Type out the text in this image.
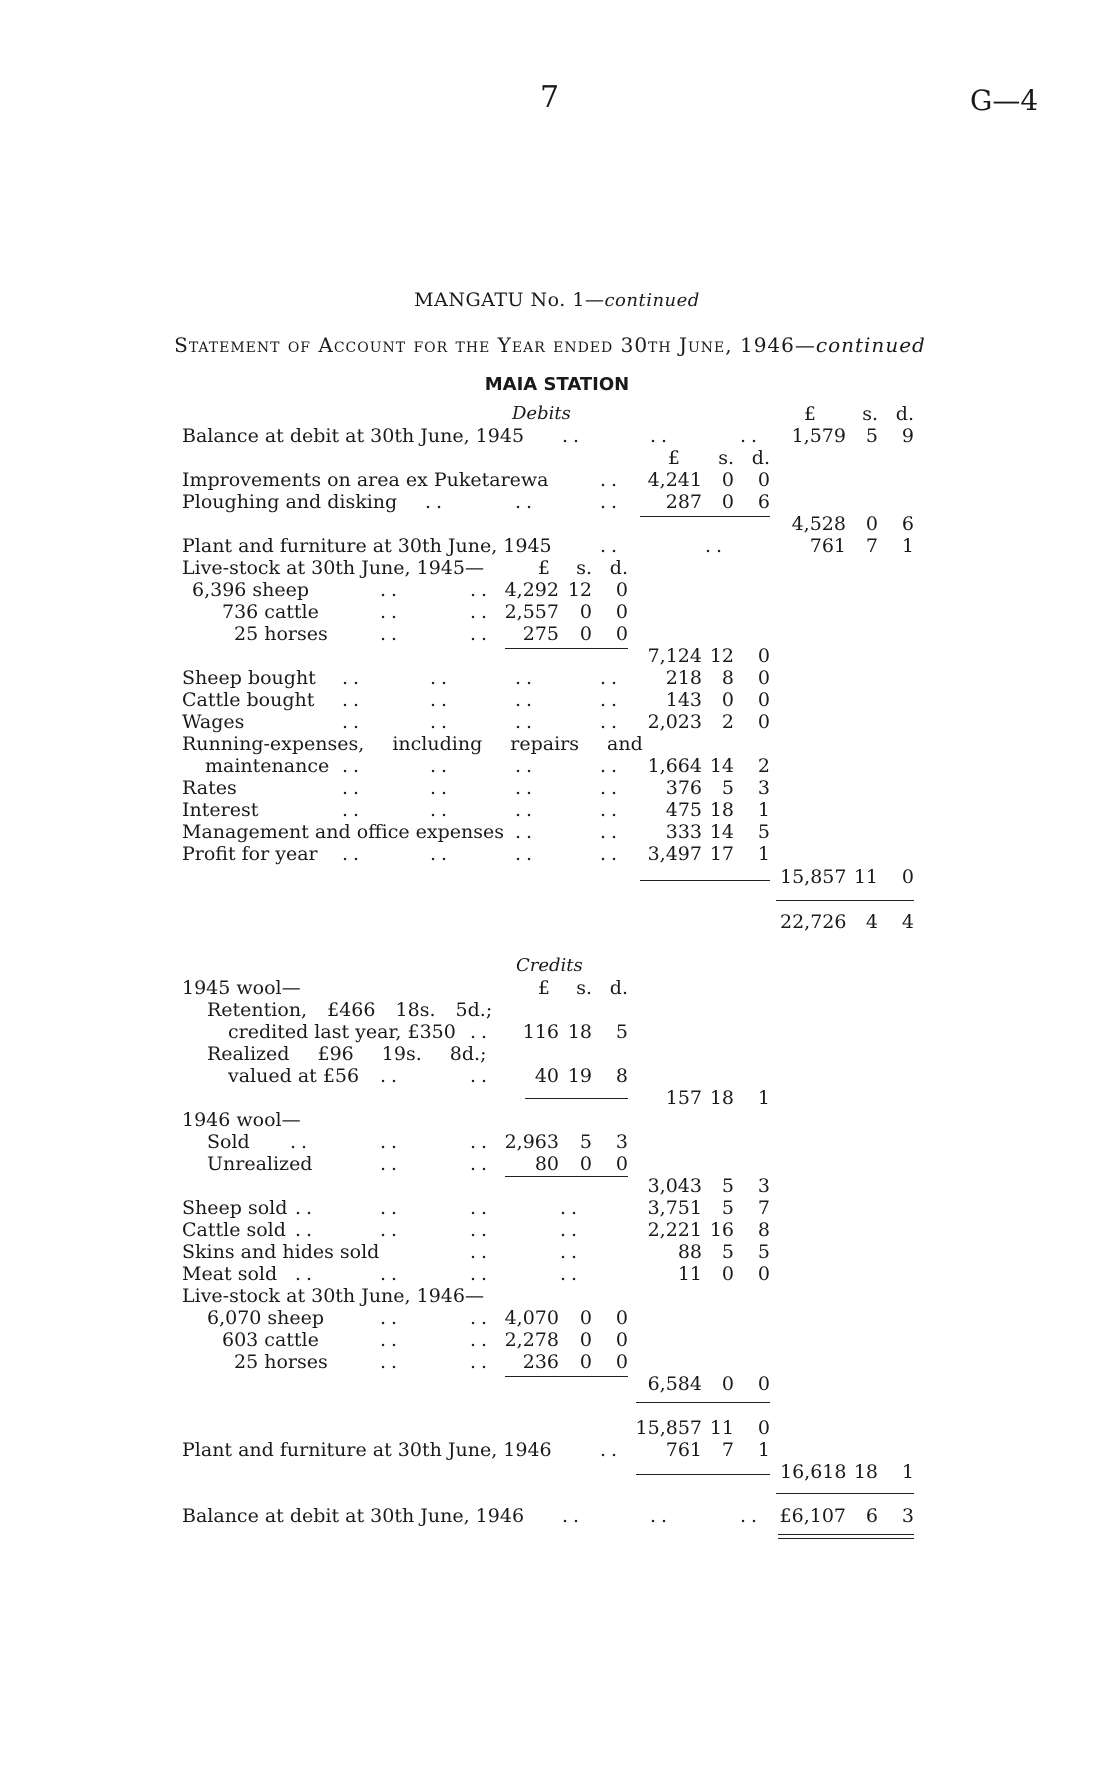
7	G—4
MANGATU No. 1—continued
Statement of Account for the Year ended 30th June, 1946—continued
MAIA STATION
Debits	£	s. d.
Balance at debit at 30th June, 1945 ..	..	..	1,579	5	9
£	s. d.
Improvements on area ex Puketarewa	..	4,241	0	0
Ploughing and disking ..	..	..	287	0	6
4,528	0	6
Plant and furniture at 30th June, 1945	..	..	761	7	1
Live-stock at 30th June, 1945—	£	s. d.
6,396 sheep	..	.. 4,292 12	0
736 cattle	..	.. 2,557	0	0
25 horses	..	..	275	0	0
7,124 12	0
Sheep bought ..	..	..	..	218	8	0
Cattle bought ..	..	..	..	143	0	0
Wages	..	..	..	..	2,023	2	0
Running-expenses, including repairs and
maintenance ..	..	..	..	1,664 14	2
Rates	..	..	..	..	376	5	3
Interest	..	..	..	..	475 18	1
Management and office expenses ..	..	333 14	5
Profit for year ..	..	..	..	3,497 17	1
15,857 11	0
22,726	4	4
Credits
1945 wool—	£	s. d.
Retention, £466 18s. 5d.;
credited last year, £350 ..	116 18	5
Realized £96 19s. 8d.;
valued at £56 ..	..	40 19	8
157 18	1
1946 wool—
Sold ..	..	.. 2,963	5	3
Unrealized	..	..	80	0	0
3,043	5	3
Sheep sold ..	..	..	..	3,751	5	7
Cattle sold ..	..	..	..	2,221 16	8
Skins and hides sold	..	..	88	5	5
Meat sold ..	..	..	..	11	0	0
Live-stock at 30th June, 1946—
6,070 sheep	..	.. 4,070	0	0
603 cattle	..	.. 2,278	0	0
25 horses	..	..	236	0	0
6,584	0	0
15,857 11	0
Plant and furniture at 30th June, 1946	..	761	7	1
16,618 18	1
Balance at debit at 30th June, 1946 ..	..	.. £6,107	6	3
